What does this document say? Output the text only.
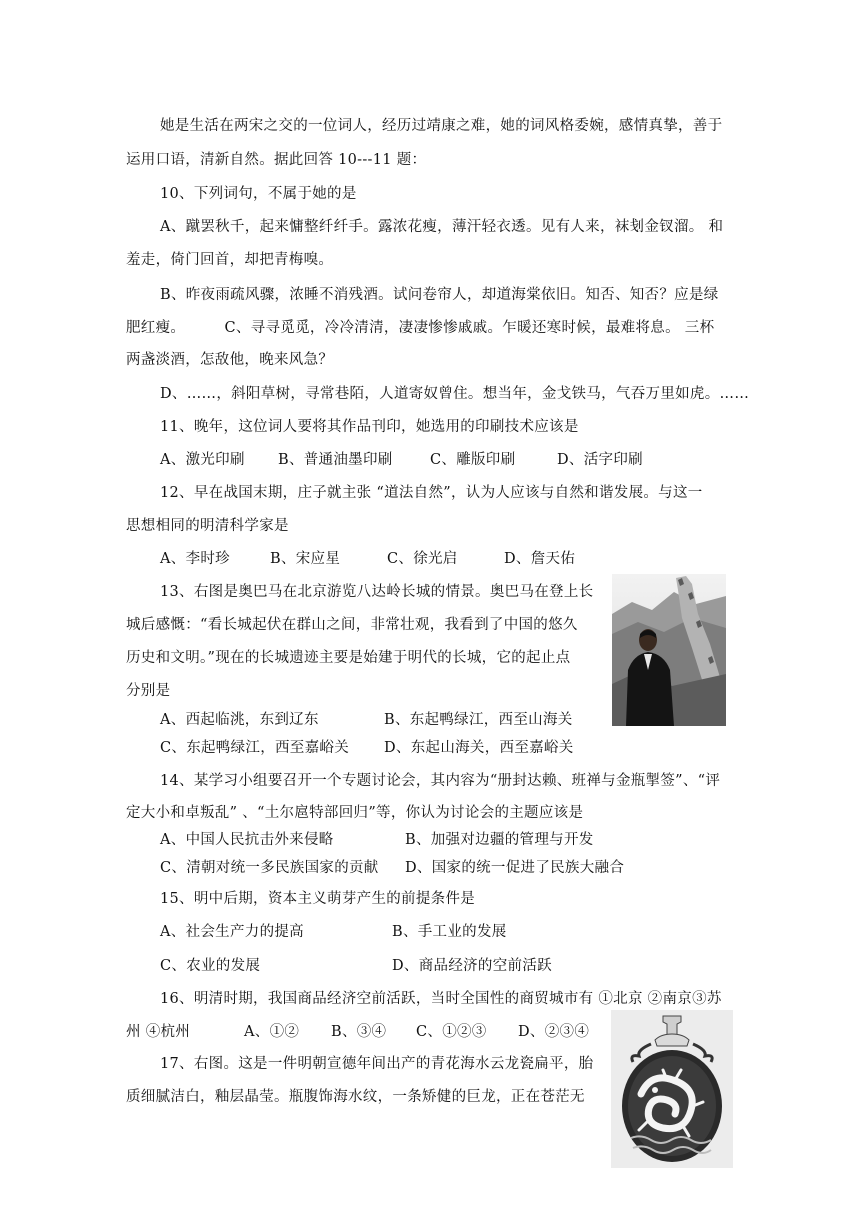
她是生活在两宋之交的一位词人，经历过靖康之难，她的词风格委婉，感情真挚，善于
运用口语，清新自然。据此回答 10---11 题：
10、下列词句，不属于她的是
A、蹴罢秋千，起来慵整纤纤手。露浓花瘦，薄汗轻衣透。见有人来，袜刬金钗溜。 和
羞走，倚门回首，却把青梅嗅。
B、昨夜雨疏风骤，浓睡不消残酒。试问卷帘人，却道海棠依旧。知否、知否？应是绿
肥红瘦。        C、寻寻觅觅，冷冷清清，凄凄惨惨戚戚。乍暖还寒时候，最难将息。 三杯
两盏淡酒，怎敌他，晚来风急？
D、……，斜阳草树，寻常巷陌，人道寄奴曾住。想当年，金戈铁马，气吞万里如虎。……
11、晚年，这位词人要将其作品刊印，她选用的印刷技术应该是
A、激光印刷 B、普通油墨印刷	C、雕版印刷	D、活字印刷
12、早在战国末期，庄子就主张 “道法自然”，认为人应该与自然和谐发展。与这一
思想相同的明清科学家是
A、李时珍	B、宋应星	C、徐光启	D、詹天佑
13、右图是奥巴马在北京游览八达岭长城的情景。奥巴马在登上长
城后感慨：“看长城起伏在群山之间，非常壮观，我看到了中国的悠久
历史和文明。”现在的长城遗迹主要是始建于明代的长城，它的起止点
分别是
A、西起临洮，东到辽东	B、东起鸭绿江，西至山海关
C、东起鸭绿江，西至嘉峪关 D、东起山海关，西至嘉峪关
14、某学习小组要召开一个专题讨论会，其内容为“册封达赖、班禅与金瓶掣签”、“评
定大小和卓叛乱” 、“土尔扈特部回归”等，你认为讨论会的主题应该是
A、中国人民抗击外来侵略	B、加强对边疆的管理与开发
C、清朝对统一多民族国家的贡献 D、国家的统一促进了民族大融合
15、明中后期，资本主义萌芽产生的前提条件是
A、社会生产力的提高	B、手工业的发展
C、农业的发展	D、商品经济的空前活跃
16、明清时期，我国商品经济空前活跃，当时全国性的商贸城市有 ①北京 ②南京③苏
州 ④杭州	A、①② B、③④ C、①②③ D、②③④
17、右图。这是一件明朝宣德年间出产的青花海水云龙瓷扁平，胎
质细腻洁白，釉层晶莹。瓶腹饰海水纹，一条矫健的巨龙，正在苍茫无
